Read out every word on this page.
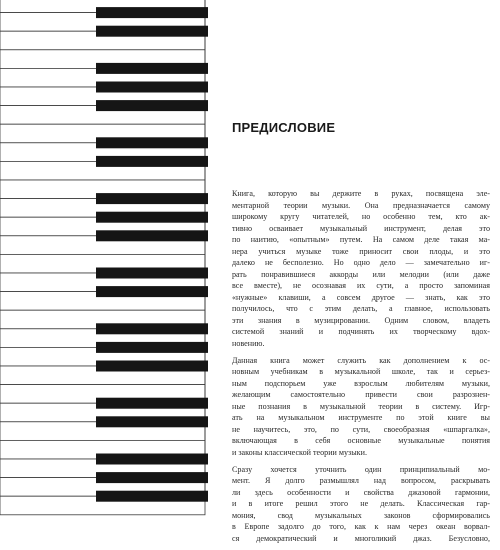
ПРЕДИСЛОВИЕ

Книга, которую вы держите в руках, посвящена эле-
ментарной теории музыки. Она предназначается самому
широкому кругу читателей, но особенно тем, кто ак-
тивно осваивает музыкальный инструмент, делая это
по наитию, «опытным» путем. На самом деле такая ма-
нера учиться музыке тоже приносит свои плоды, и это
далеко не бесполезно. Но одно дело — замечательно иг-
рать понравившиеся аккорды или мелодии (или даже
все вместе), не осознавая их сути, а просто запоминая
«нужные» клавиши, а совсем другое — знать, как это
получилось, что с этим делать, а главное, использовать
эти знания в музицировании. Одним словом, владеть
системой знаний и подчинять их творческому вдох-
новению.

Данная книга может служить как дополнением к ос-
новным учебникам в музыкальной школе, так и серьез-
ным подспорьем уже взрослым любителям музыки,
желающим самостоятельно привести свои разрознен-
ные познания в музыкальной теории в систему. Игр-
ать на музыкальном инструменте по этой книге вы
не научитесь, это, по сути, своеобразная «шпаргалка»,
включающая в себя основные музыкальные понятия
и законы классической теории музыки.

Сразу хочется уточнить один принципиальный мо-
мент. Я долго размышлял над вопросом, раскрывать
ли здесь особенности и свойства джазовой гармонии,
и в итоге решил этого не делать. Классическая гар-
мония, свод музыкальных законов сформировались
в Европе задолго до того, как к нам через океан ворвал-
ся демократический и многоликий джаз. Безусловно,
